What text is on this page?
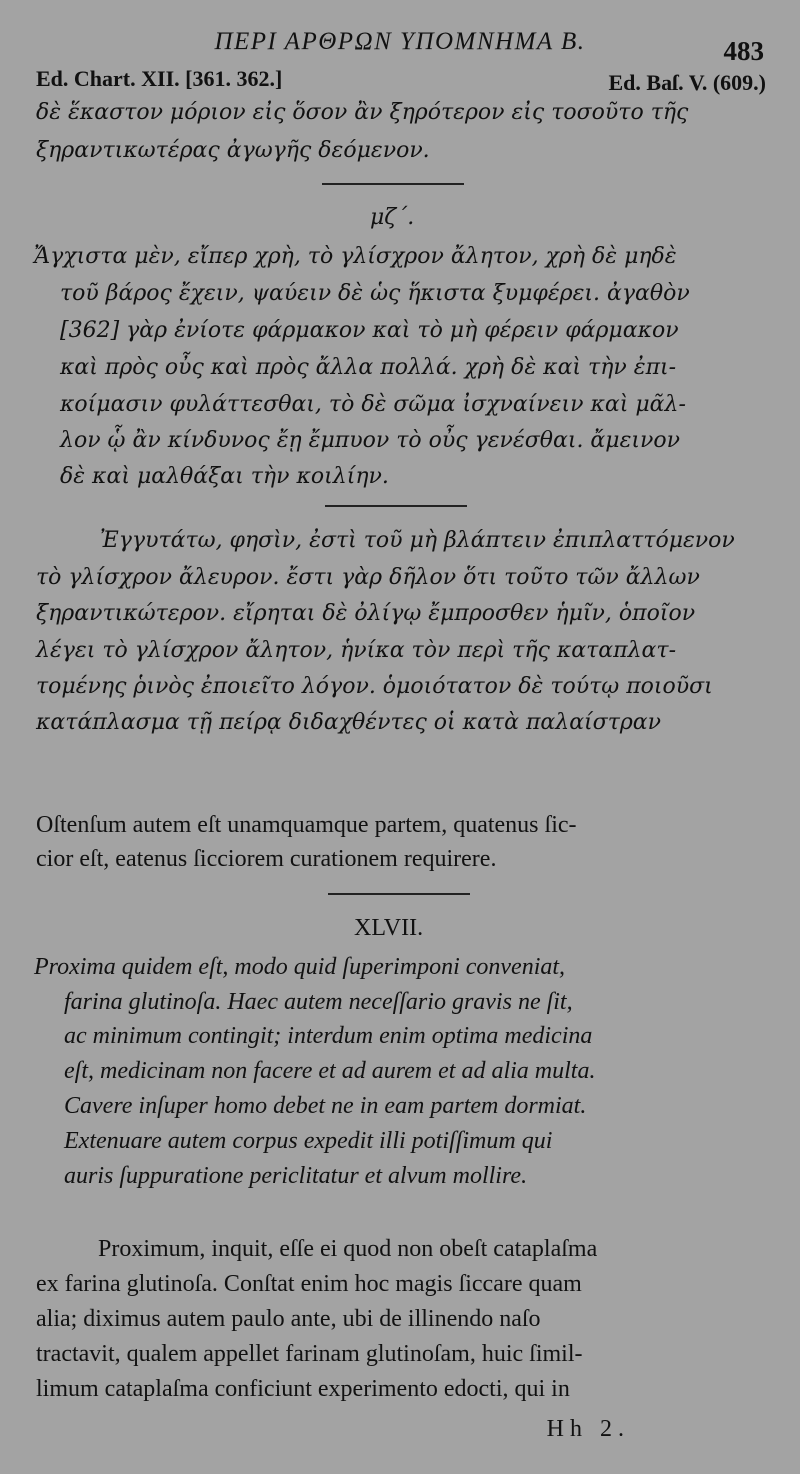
ΠΕΡΙ ΑΡΘΡΩΝ ΥΠΟΜΝΗΜΑ Β.	483
Ed. Chart. XII. [361. 362.]	Ed. Baſ. V. (609.)
δὲ ἕκαστον μόριον εἰς ὅσον ἂν ξηρότερον εἰς τοσοῦτο τῆς
ξηραντικωτέρας ἀγωγῆς δεόμενον.
μζ΄.
Ἄγχιστα μὲν, εἴπερ χρὴ, τὸ γλίσχρον ἄλητον, χρὴ δὲ μηδὲ
τοῦ βάρος ἔχειν, ψαύειν δὲ ὡς ἥκιστα ξυμφέρει. ἀγαθὸν
[362] γὰρ ἐνίοτε φάρμακον καὶ τὸ μὴ φέρειν φάρμακον
καὶ πρὸς οὖς καὶ πρὸς ἄλλα πολλά. χρὴ δὲ καὶ τὴν ἐπι-
κοίμασιν φυλάττεσθαι, τὸ δὲ σῶμα ἰσχναίνειν καὶ μᾶλ-
λον ᾧ ἂν κίνδυνος ἔῃ ἔμπυον τὸ οὖς γενέσθαι. ἄμεινον
δὲ καὶ μαλθάξαι τὴν κοιλίην.
Ἐγγυτάτω, φησὶν, ἐστὶ τοῦ μὴ βλάπτειν ἐπιπλαττόμενον
τὸ γλίσχρον ἄλευρον. ἔστι γὰρ δῆλον ὅτι τοῦτο τῶν ἄλλων
ξηραντικώτερον. εἴρηται δὲ ὀλίγῳ ἔμπροσθεν ἡμῖν, ὁποῖον
λέγει τὸ γλίσχρον ἄλητον, ἡνίκα τὸν περὶ τῆς καταπλατ-
τομένης ῥινὸς ἐποιεῖτο λόγον. ὁμοιότατον δὲ τούτῳ ποιοῦσι
κατάπλασμα τῇ πείρᾳ διδαχθέντες οἱ κατὰ παλαίστραν
Oſtenſum autem eſt unamquamque partem, quatenus ſic-
cior eſt, eatenus ſicciorem curationem requirere.
XLVII.
Proxima quidem eſt, modo quid ſuperimponi conveniat,
farina glutinoſa. Haec autem neceſſario gravis ne ſit,
ac minimum contingit; interdum enim optima medicina
eſt, medicinam non facere et ad aurem et ad alia multa.
Cavere inſuper homo debet ne in eam partem dormiat.
Extenuare autem corpus expedit illi potiſſimum qui
auris ſuppuratione periclitatur et alvum mollire.
Proximum, inquit, eſſe ei quod non obeſt cataplaſma
ex farina glutinoſa. Conſtat enim hoc magis ſiccare quam
alia; diximus autem paulo ante, ubi de illinendo naſo
tractavit, qualem appellet farinam glutinoſam, huic ſimil-
limum cataplaſma conficiunt experimento edocti, qui in
Hh 2.
